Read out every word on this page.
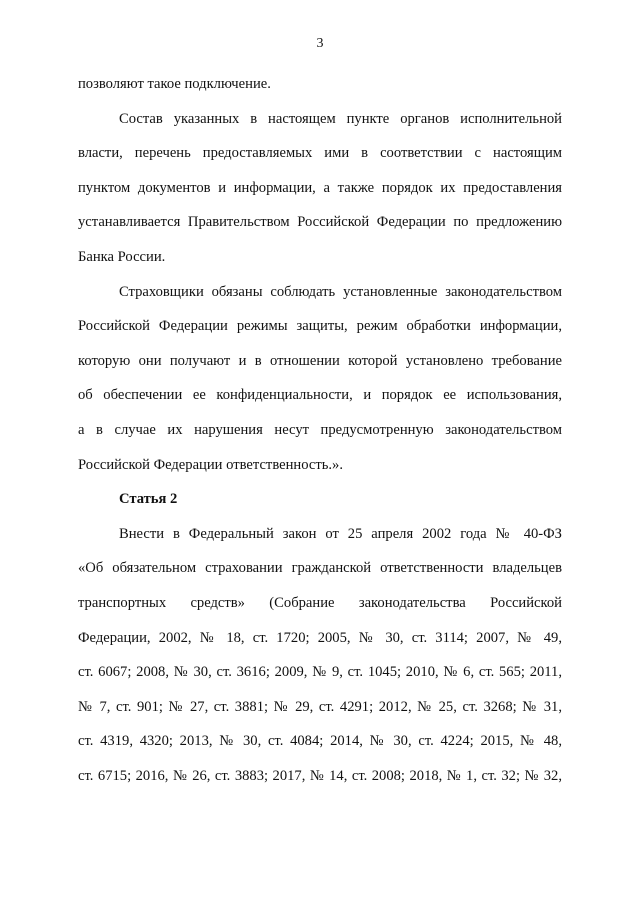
3
позволяют такое подключение.
Состав указанных в настоящем пункте органов исполнительной
власти, перечень предоставляемых ими в соответствии с настоящим
пунктом документов и информации, а также порядок их предоставления
устанавливается Правительством Российской Федерации по предложению
Банка России.
Страховщики обязаны соблюдать установленные законодательством
Российской Федерации режимы защиты, режим обработки информации,
которую они получают и в отношении которой установлено требование
об обеспечении ее конфиденциальности, и порядок ее использования,
а в случае их нарушения несут предусмотренную законодательством
Российской Федерации ответственность.».
Статья 2
Внести в Федеральный закон от 25 апреля 2002 года № 40-ФЗ
«Об обязательном страховании гражданской ответственности владельцев
транспортных средств» (Собрание законодательства Российской
Федерации, 2002, № 18, ст. 1720; 2005, № 30, ст. 3114; 2007, № 49,
ст. 6067; 2008, № 30, ст. 3616; 2009, № 9, ст. 1045; 2010, № 6, ст. 565; 2011,
№ 7, ст. 901; № 27, ст. 3881; № 29, ст. 4291; 2012, № 25, ст. 3268; № 31,
ст. 4319, 4320; 2013, № 30, ст. 4084; 2014, № 30, ст. 4224; 2015, № 48,
ст. 6715; 2016, № 26, ст. 3883; 2017, № 14, ст. 2008; 2018, № 1, ст. 32; № 32,
